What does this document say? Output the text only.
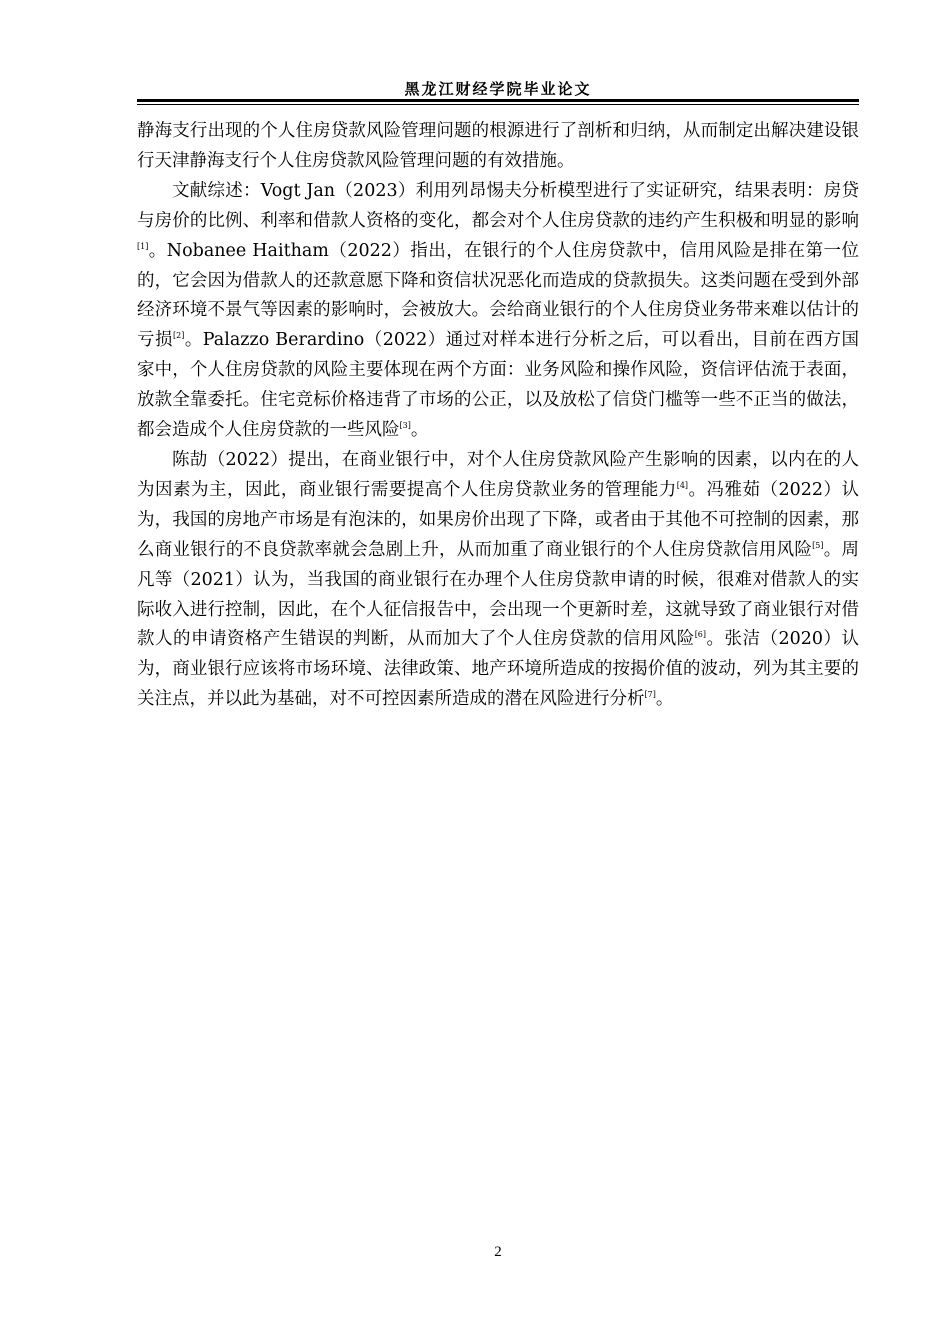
黑龙江财经学院毕业论文

静海支行出现的个人住房贷款风险管理问题的根源进行了剖析和归纳，从而制定出解决建设银行天津静海支行个人住房贷款风险管理问题的有效措施。

文献综述：Vogt Jan（2023）利用列昂惕夫分析模型进行了实证研究，结果表明：房贷与房价的比例、利率和借款人资格的变化，都会对个人住房贷款的违约产生积极和明显的影响[1]。Nobanee Haitham（2022）指出，在银行的个人住房贷款中，信用风险是排在第一位的，它会因为借款人的还款意愿下降和资信状况恶化而造成的贷款损失。这类问题在受到外部经济环境不景气等因素的影响时，会被放大。会给商业银行的个人住房贷业务带来难以估计的亏损[2]。Palazzo Berardino（2022）通过对样本进行分析之后，可以看出，目前在西方国家中，个人住房贷款的风险主要体现在两个方面：业务风险和操作风险，资信评估流于表面，放款全靠委托。住宅竞标价格违背了市场的公正，以及放松了信贷门槛等一些不正当的做法，都会造成个人住房贷款的一些风险[3]。

陈劼（2022）提出，在商业银行中，对个人住房贷款风险产生影响的因素，以内在的人为因素为主，因此，商业银行需要提高个人住房贷款业务的管理能力[4]。冯雅茹（2022）认为，我国的房地产市场是有泡沫的，如果房价出现了下降，或者由于其他不可控制的因素，那么商业银行的不良贷款率就会急剧上升，从而加重了商业银行的个人住房贷款信用风险[5]。周凡等（2021）认为，当我国的商业银行在办理个人住房贷款申请的时候，很难对借款人的实际收入进行控制，因此，在个人征信报告中，会出现一个更新时差，这就导致了商业银行对借款人的申请资格产生错误的判断，从而加大了个人住房贷款的信用风险[6]。张洁（2020）认为，商业银行应该将市场环境、法律政策、地产环境所造成的按揭价值的波动，列为其主要的关注点，并以此为基础，对不可控因素所造成的潜在风险进行分析[7]。

2
